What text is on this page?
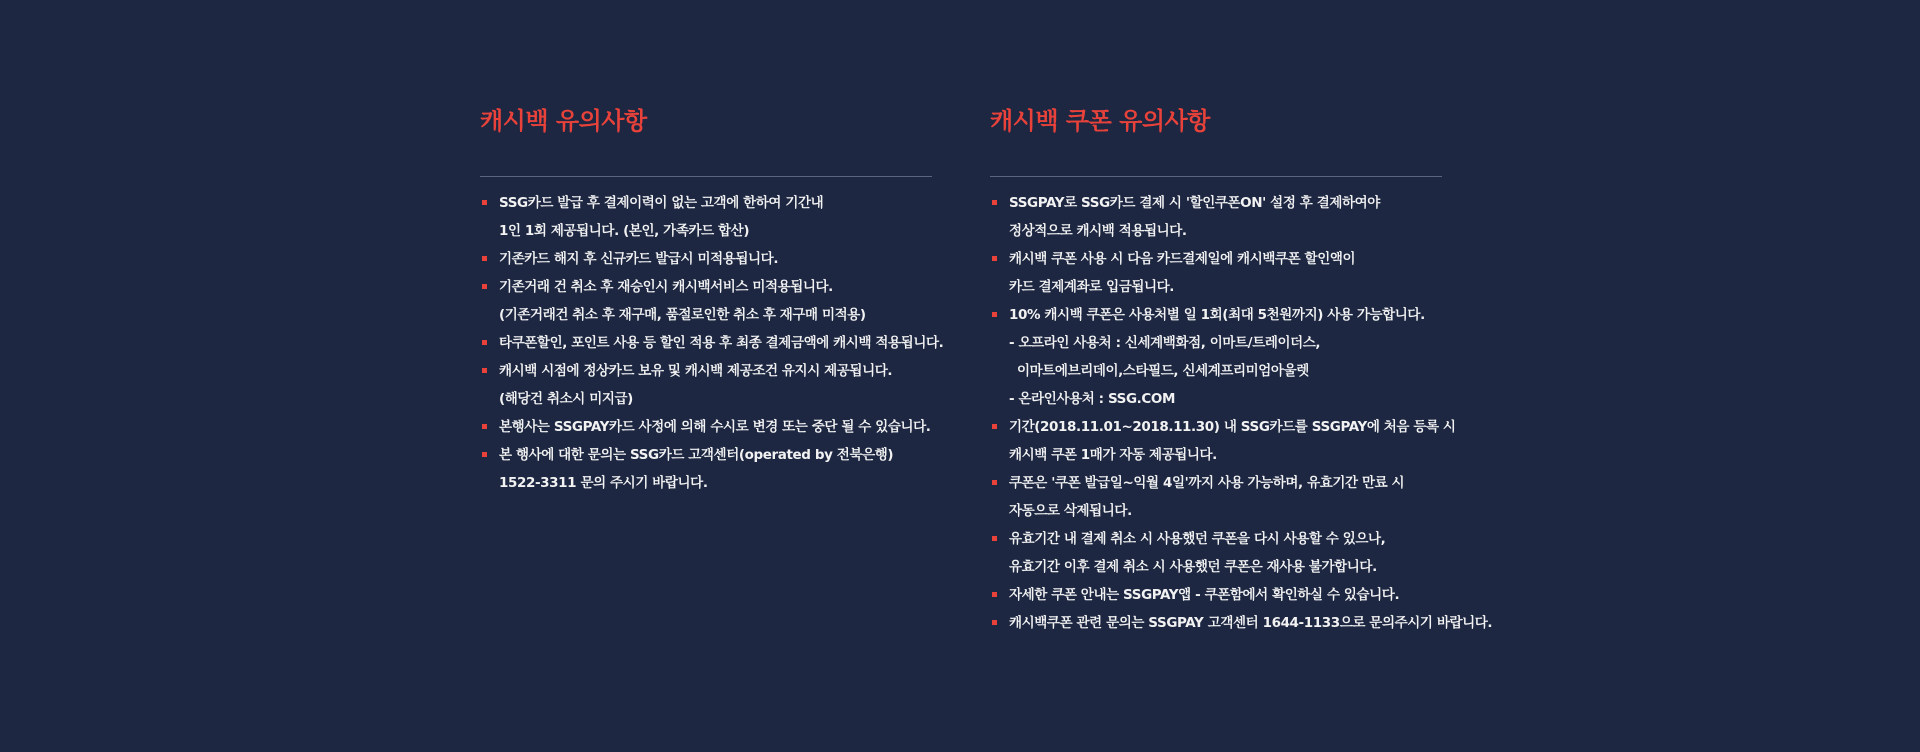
캐시백 유의사항
SSG카드 발급 후 결제이력이 없는 고객에 한하여 기간내
1인 1회 제공됩니다. (본인, 가족카드 합산)
기존카드 해지 후 신규카드 발급시 미적용됩니다.
기존거래 건 취소 후 재승인시 캐시백서비스 미적용됩니다.
(기존거래건 취소 후 재구매, 품절로인한 취소 후 재구매 미적용)
타쿠폰할인, 포인트 사용 등 할인 적용 후 최종 결제금액에 캐시백 적용됩니다.
캐시백 시점에 정상카드 보유 및 캐시백 제공조건 유지시 제공됩니다.
(해당건 취소시 미지급)
본행사는 SSGPAY카드 사정에 의해 수시로 변경 또는 중단 될 수 있습니다.
본 행사에 대한 문의는 SSG카드 고객센터(operated by 전북은행)
1522-3311 문의 주시기 바랍니다.
캐시백 쿠폰 유의사항
SSGPAY로 SSG카드 결제 시 '할인쿠폰ON' 설정 후 결제하여야
정상적으로 캐시백 적용됩니다.
캐시백 쿠폰 사용 시 다음 카드결제일에 캐시백쿠폰 할인액이
카드 결제계좌로 입금됩니다.
10% 캐시백 쿠폰은 사용처별 일 1회(최대 5천원까지) 사용 가능합니다.
- 오프라인 사용처 : 신세계백화점, 이마트/트레이더스,
이마트에브리데이,스타필드, 신세계프리미엄아울렛
- 온라인사용처 : SSG.COM
기간(2018.11.01~2018.11.30) 내 SSG카드를 SSGPAY에 처음 등록 시
캐시백 쿠폰 1매가 자동 제공됩니다.
쿠폰은 '쿠폰 발급일~익월 4일'까지 사용 가능하며, 유효기간 만료 시
자동으로 삭제됩니다.
유효기간 내 결제 취소 시 사용했던 쿠폰을 다시 사용할 수 있으나,
유효기간 이후 결제 취소 시 사용했던 쿠폰은 재사용 불가합니다.
자세한 쿠폰 안내는 SSGPAY앱 - 쿠폰함에서 확인하실 수 있습니다.
캐시백쿠폰 관련 문의는 SSGPAY 고객센터 1644-1133으로 문의주시기 바랍니다.
